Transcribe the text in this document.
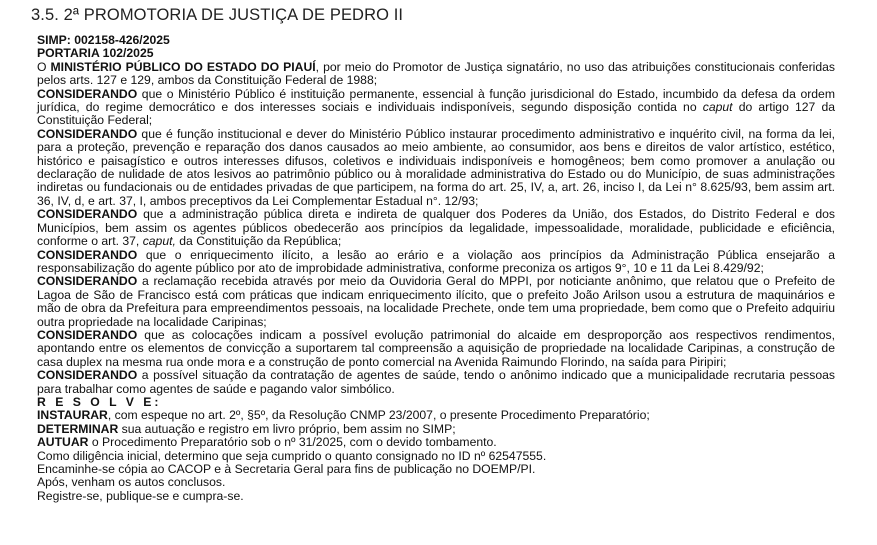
3.5. 2ª PROMOTORIA DE JUSTIÇA DE PEDRO II

SIMP: 002158-426/2025

PORTARIA 102/2025

O MINISTÉRIO PÚBLICO DO ESTADO DO PIAUÍ, por meio do Promotor de Justiça signatário, no uso das atribuições constitucionais conferidas pelos arts. 127 e 129, ambos da Constituição Federal de 1988;

CONSIDERANDO que o Ministério Público é instituição permanente, essencial à função jurisdicional do Estado, incumbido da defesa da ordem jurídica, do regime democrático e dos interesses sociais e individuais indisponíveis, segundo disposição contida no caput do artigo 127 da Constituição Federal;

CONSIDERANDO que é função institucional e dever do Ministério Público instaurar procedimento administrativo e inquérito civil, na forma da lei, para a proteção, prevenção e reparação dos danos causados ao meio ambiente, ao consumidor, aos bens e direitos de valor artístico, estético, histórico e paisagístico e outros interesses difusos, coletivos e individuais indisponíveis e homogêneos; bem como promover a anulação ou declaração de nulidade de atos lesivos ao patrimônio público ou à moralidade administrativa do Estado ou do Município, de suas administrações indiretas ou fundacionais ou de entidades privadas de que participem, na forma do art. 25, IV, a, art. 26, inciso I, da Lei n° 8.625/93, bem assim art. 36, IV, d, e art. 37, I, ambos preceptivos da Lei Complementar Estadual n°. 12/93;

CONSIDERANDO que a administração pública direta e indireta de qualquer dos Poderes da União, dos Estados, do Distrito Federal e dos Municípios, bem assim os agentes públicos obedecerão aos princípios da legalidade, impessoalidade, moralidade, publicidade e eficiência, conforme o art. 37, caput, da Constituição da República;

CONSIDERANDO que o enriquecimento ilícito, a lesão ao erário e a violação aos princípios da Administração Pública ensejarão a responsabilização do agente público por ato de improbidade administrativa, conforme preconiza os artigos 9°, 10 e 11 da Lei 8.429/92;

CONSIDERANDO a reclamação recebida através por meio da Ouvidoria Geral do MPPI, por noticiante anônimo, que relatou que o Prefeito de Lagoa de São de Francisco está com práticas que indicam enriquecimento ilícito, que o prefeito João Arilson usou a estrutura de maquinários e mão de obra da Prefeitura para empreendimentos pessoais, na localidade Prechete, onde tem uma propriedade, bem como que o Prefeito adquiriu outra propriedade na localidade Caripinas;

CONSIDERANDO que as colocações indicam a possível evolução patrimonial do alcaide em desproporção aos respectivos rendimentos, apontando entre os elementos de convicção a suportarem tal compreensão a aquisição de propriedade na localidade Caripinas, a construção de casa duplex na mesma rua onde mora e a construção de ponto comercial na Avenida Raimundo Florindo, na saída para Piripiri;

CONSIDERANDO a possível situação da contratação de agentes de saúde, tendo o anônimo indicado que a municipalidade recrutaria pessoas para trabalhar como agentes de saúde e pagando valor simbólico.

R E S O L V E:

INSTAURAR, com espeque no art. 2º, §5º, da Resolução CNMP 23/2007, o presente Procedimento Preparatório;

DETERMINAR sua autuação e registro em livro próprio, bem assim no SIMP;

AUTUAR o Procedimento Preparatório sob o nº 31/2025, com o devido tombamento.

Como diligência inicial, determino que seja cumprido o quanto consignado no ID nº 62547555.

Encaminhe-se cópia ao CACOP e à Secretaria Geral para fins de publicação no DOEMP/PI.

Após, venham os autos conclusos.

Registre-se, publique-se e cumpra-se.
